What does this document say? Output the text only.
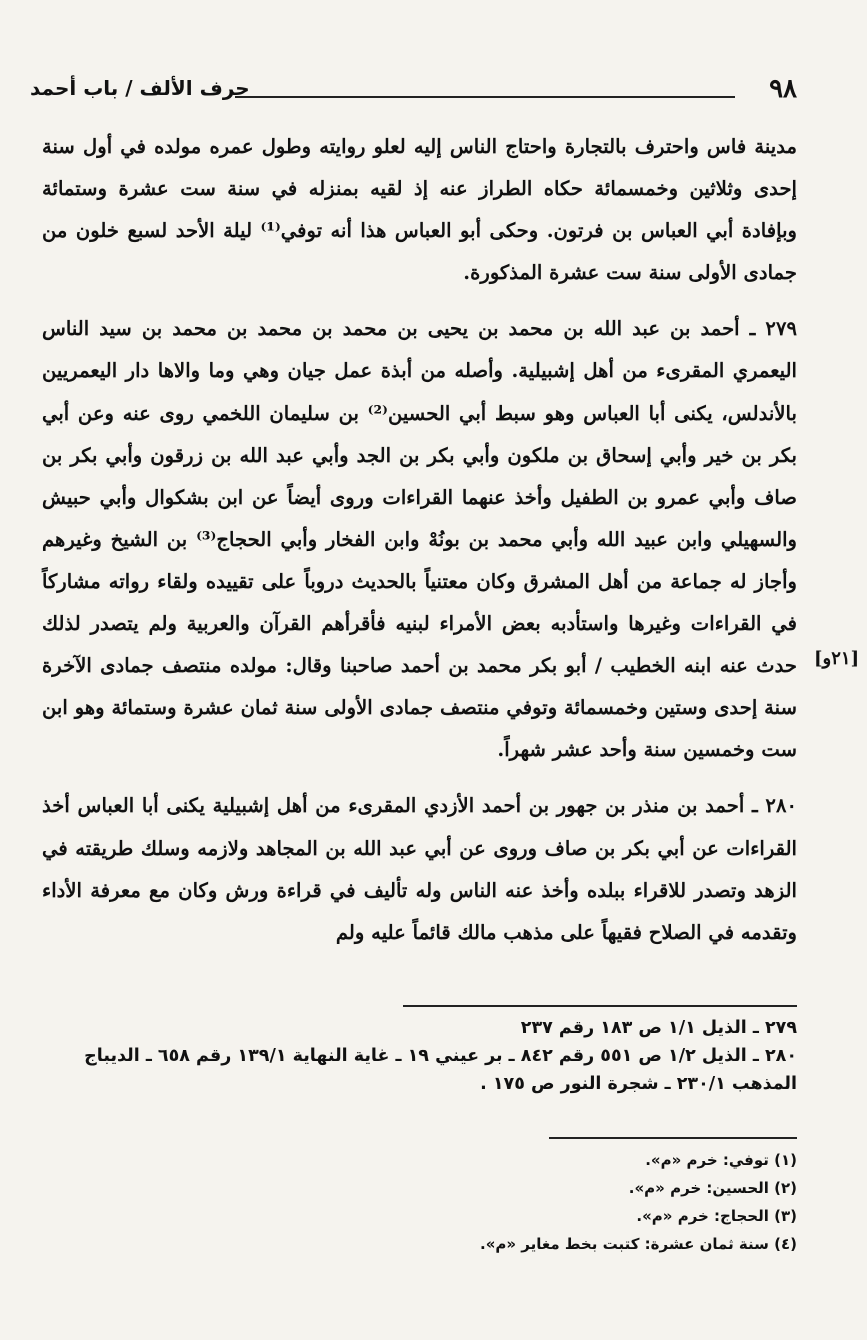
٩٨
حرف الألف / باب أحمد

مدينة فاس واحترف بالتجارة واحتاج الناس إليه لعلو روايته وطول عمره مولده في أول سنة إحدى وثلاثين وخمسمائة حكاه الطراز عنه إذ لقيه بمنزله في سنة ست عشرة وستمائة وبإفادة أبي العباس بن فرتون. وحكى أبو العباس هذا أنه توفي⁽¹⁾ ليلة الأحد لسبع خلون من جمادى الأولى سنة ست عشرة المذكورة.

٢٧٩ ـ أحمد بن عبد الله بن محمد بن يحيى بن محمد بن محمد بن محمد بن سيد الناس اليعمري المقرىء من أهل إشبيلية. وأصله من أبذة عمل جيان وهي وما والاها دار اليعمريين بالأندلس، يكنى أبا العباس وهو سبط أبي الحسين⁽²⁾ بن سليمان اللخمي روى عنه وعن أبي بكر بن خير وأبي إسحاق بن ملكون وأبي بكر بن الجد وأبي عبد الله بن زرقون وأبي بكر بن صاف وأبي عمرو بن الطفيل وأخذ عنهما القراءات وروى أيضاً عن ابن بشكوال وأبي حبيش والسهيلي وابن عبيد الله وأبي محمد بن بونُهْ وابن الفخار وأبي الحجاج⁽³⁾ بن الشيخ وغيرهم وأجاز له جماعة من أهل المشرق وكان معتنياً بالحديث دروباً على تقييده ولقاء رواته مشاركاً في القراءات وغيرها واستأدبه بعض الأمراء لبنيه فأقرأهم القرآن والعربية ولم يتصدر لذلك حدث عنه ابنه الخطيب / أبو بكر محمد بن أحمد صاحبنا وقال: مولده منتصف جمادى الآخرة سنة إحدى وستين وخمسمائة وتوفي منتصف جمادى الأولى سنة ثمان عشرة وستمائة وهو ابن ست وخمسين سنة وأحد عشر شهراً.

٢٨٠ ـ أحمد بن منذر بن جهور بن أحمد الأزدي المقرىء من أهل إشبيلية يكنى أبا العباس أخذ القراءات عن أبي بكر بن صاف وروى عن أبي عبد الله بن المجاهد ولازمه وسلك طريقته في الزهد وتصدر للاقراء ببلده وأخذ عنه الناس وله تأليف في قراءة ورش وكان مع معرفة الأداء وتقدمه في الصلاح فقيهاً على مذهب مالك قائماً عليه ولم

[٢١و]

٢٧٩ ـ الذيل ١/١ ص ١٨٣ رقم ٢٣٧

٢٨٠ ـ الذيل ١/٢ ص ٥٥١ رقم ٨٤٢ ـ بر عيني ١٩ ـ غاية النهاية ١٣٩/١ رقم ٦٥٨ ـ الديباج المذهب ٢٣٠/١ ـ شجرة النور ص ١٧٥ .

(١) توفي: خرم «م».

(٢) الحسين: خرم «م».

(٣) الحجاج: خرم «م».

(٤) سنة ثمان عشرة: كتبت بخط مغاير «م».
